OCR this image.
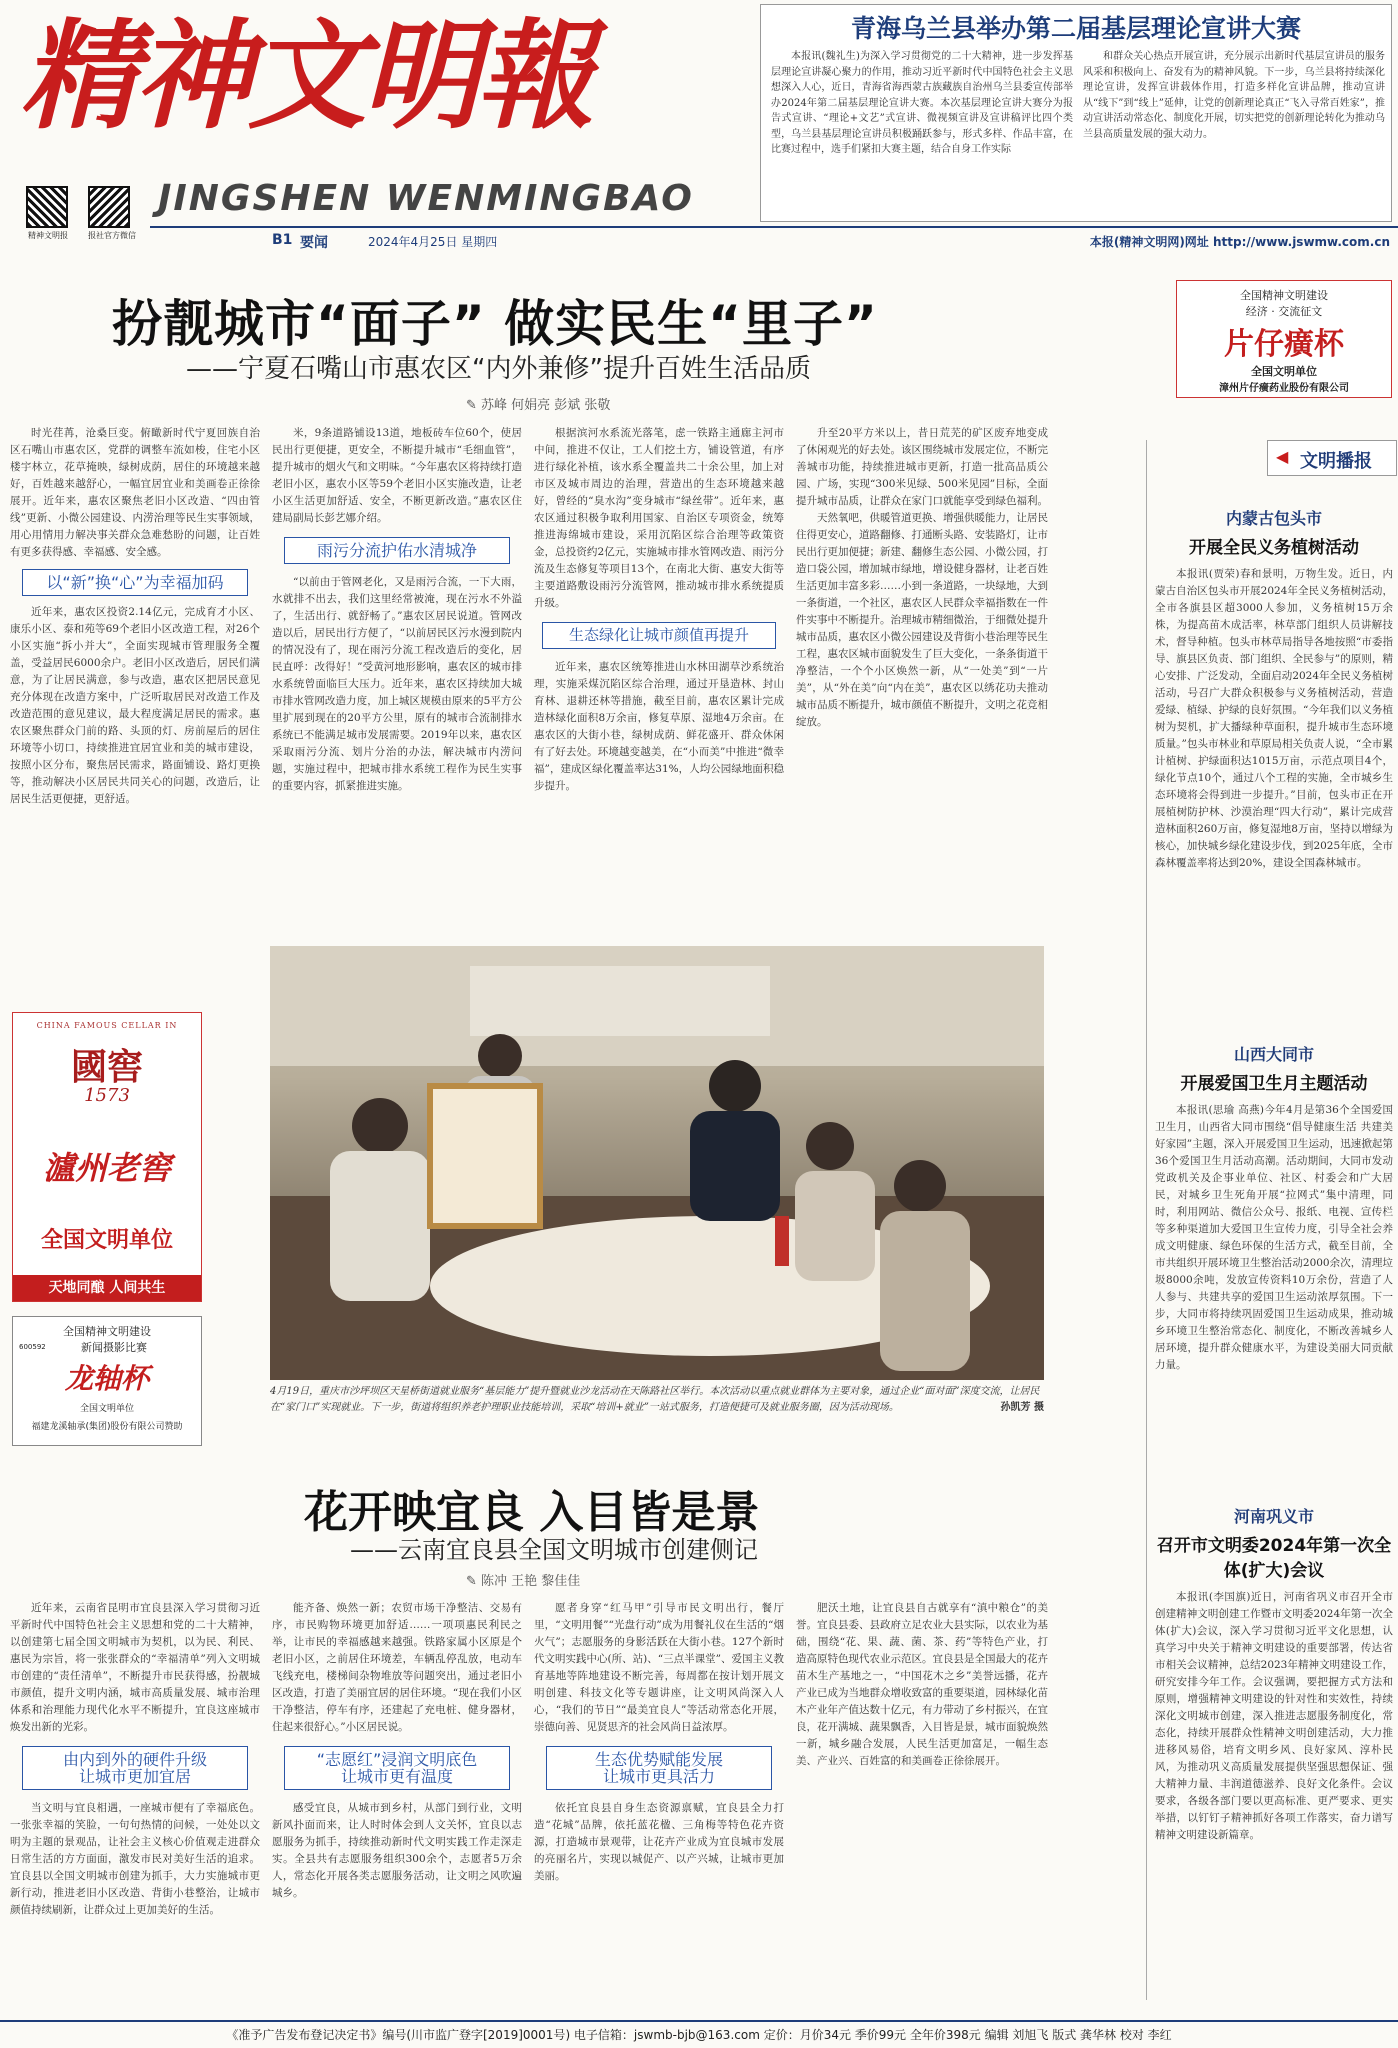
精神文明報
精神文明报	报社官方微信
JINGSHEN WENMINGBAO
B1 要闻	2024年4月25日 星期四	本报(精神文明网)网址 http://www.jswmw.com.cn
青海乌兰县举办第二届基层理论宣讲大赛

本报讯(魏礼生)为深入学习贯彻党的二十大精神，进一步发挥基层理论宣讲凝心聚力的作用，推动习近平新时代中国特色社会主义思想深入人心，近日，青海省海西蒙古族藏族自治州乌兰县委宣传部举办2024年第二届基层理论宣讲大赛。本次基层理论宣讲大赛分为报告式宣讲、“理论+文艺”式宣讲、微视频宣讲及宣讲稿评比四个类型，乌兰县基层理论宣讲员积极踊跃参与，形式多样、作品丰富，在比赛过程中，选手们紧扣大赛主题，结合自身工作实际

和群众关心热点开展宣讲，充分展示出新时代基层宣讲员的服务风采和积极向上、奋发有为的精神风貌。下一步，乌兰县将持续深化理论宣讲，发挥宣讲载体作用，打造多样化宣讲品牌，推动宣讲从“线下”到“线上”延伸，让党的创新理论真正“飞入寻常百姓家”，推动宣讲活动常态化、制度化开展，切实把党的创新理论转化为推动乌兰县高质量发展的强大动力。

扮靓城市“面子” 做实民生“里子”
——宁夏石嘴山市惠农区“内外兼修”提升百姓生活品质
✎ 苏峰 何娟亮 彭斌 张敬

时光荏苒，沧桑巨变。俯瞰新时代宁夏回族自治区石嘴山市惠农区，党群的调整车流如梭，住宅小区楼宇林立，花草掩映，绿树成荫，居住的环境越来越好，百姓越来越舒心，一幅宜居宜业和美画卷正徐徐展开。近年来，惠农区聚焦老旧小区改造、“四由管线”更新、小微公园建设、内涝治理等民生实事领域，用心用情用力解决事关群众急难愁盼的问题，让百姓有更多获得感、幸福感、安全感。

以“新”换“心”为幸福加码

近年来，惠农区投资2.14亿元，完成育才小区、康乐小区、泰和苑等69个老旧小区改造工程，对26个小区实施“拆小并大”，全面实现城市管理服务全覆盖，受益居民6000余户。老旧小区改造后，居民们满意，为了让居民满意，参与改造，惠农区把居民意见充分体现在改造方案中，广泛听取居民对改造工作及改造范围的意见建议，最大程度满足居民的需求。惠农区聚焦群众门前的路、头顶的灯、房前屋后的居住环境等小切口，持续推进宜居宜业和美的城市建设，按照小区分布，聚焦居民需求，路面铺设、路灯更换等，推动解决小区居民共同关心的问题，改造后，让居民生活更便捷，更舒适。

米，9条道路铺设13道，地板砖车位60个，使居民出行更便捷，更安全，不断提升城市“毛细血管”，提升城市的烟火气和文明味。“今年惠农区将持续打造老旧小区，惠农小区等59个老旧小区实施改造，让老小区生活更加舒适、安全，不断更新改造。”惠农区住建局副局长彭艺娜介绍。

雨污分流护佑水清城净

“以前由于管网老化，又是雨污合流，一下大雨，水就排不出去，我们这里经常被淹，现在污水不外溢了，生活出行、就舒畅了。”惠农区居民说道。管网改造以后，居民出行方便了，“以前居民区污水漫到院内的情况没有了，现在雨污分流工程改造后的变化，居民直呼：改得好！”受黄河地形影响，惠农区的城市排水系统曾面临巨大压力。近年来，惠农区持续加大城市排水管网改造力度，加上城区规模由原来的5平方公里扩展到现在的20平方公里，原有的城市合流制排水系统已不能满足城市发展需要。2019年以来，惠农区采取雨污分流、划片分治的办法，解决城市内涝问题，实施过程中，把城市排水系统工程作为民生实事的重要内容，抓紧推进实施。

根据滨河水系流光落笔，虑一铁路主通廊主河市中间，推进不仅让，工人们挖土方，铺设管道，有序进行绿化补植，该水系全覆盖共二十余公里，加上对市区及城市周边的治理，营造出的生态环境越来越好，曾经的“臭水沟”变身城市“绿丝带”。近年来，惠农区通过积极争取利用国家、自治区专项资金，统筹推进海绵城市建设，采用沉陷区综合治理等政策资金，总投资约2亿元，实施城市排水管网改造、雨污分流及生态修复等项目13个，在南北大街、惠安大街等主要道路敷设雨污分流管网，推动城市排水系统提质升级。

生态绿化让城市颜值再提升

近年来，惠农区统筹推进山水林田湖草沙系统治理，实施采煤沉陷区综合治理，通过开垦造林、封山育林、退耕还林等措施，截至目前，惠农区累计完成造林绿化面积8万余亩，修复草原、湿地4万余亩。在惠农区的大街小巷，绿树成荫、鲜花盛开、群众休闲有了好去处。环境越变越美，在“小而美”中推进“微幸福”，建成区绿化覆盖率达31%，人均公园绿地面积稳步提升。

升至20平方米以上，昔日荒芜的矿区废弃地变成了休闲观光的好去处。该区围绕城市发展定位，不断完善城市功能，持续推进城市更新，打造一批高品质公园、广场，实现“300米见绿、500米见园”目标，全面提升城市品质，让群众在家门口就能享受到绿色福利。

天然氧吧，供暖管道更换、增强供暖能力，让居民住得更安心，道路翻修、打通断头路、安装路灯，让市民出行更加便捷；新建、翻修生态公园、小微公园，打造口袋公园，增加城市绿地，增设健身器材，让老百姓生活更加丰富多彩……小到一条道路，一块绿地，大到一条街道，一个社区，惠农区人民群众幸福指数在一件件实事中不断提升。治理城市精细微治，于细微处提升城市品质，惠农区小微公园建设及背街小巷治理等民生工程，惠农区城市面貌发生了巨大变化，一条条街道干净整洁，一个个小区焕然一新，从“一处美”到“一片美”，从“外在美”向“内在美”，惠农区以绣花功夫推动城市品质不断提升，城市颜值不断提升，文明之花竞相绽放。

全国精神文明建设
经济 · 交流征文
片仔癀杯
全国文明单位
漳州片仔癀药业股份有限公司
◀ 文明播报
内蒙古包头市
开展全民义务植树活动

本报讯(贾荣)春和景明，万物生发。近日，内蒙古自治区包头市开展2024年全民义务植树活动，全市各旗县区超3000人参加，义务植树15万余株，为提高苗木成活率，林草部门组织人员讲解技术，督导种植。包头市林草局指导各地按照“市委指导、旗县区负责、部门组织、全民参与”的原则，精心安排、广泛发动，全面启动2024年全民义务植树活动，号召广大群众积极参与义务植树活动，营造爱绿、植绿、护绿的良好氛围。“今年我们以义务植树为契机，扩大播绿种草面积，提升城市生态环境质量。”包头市林业和草原局相关负责人说，“全市累计植树、护绿面积达1015万亩，示范点项目4个，绿化节点10个，通过八个工程的实施，全市城乡生态环境将会得到进一步提升。”目前，包头市正在开展植树防护林、沙漠治理“四大行动”，累计完成营造林面积260万亩，修复湿地8万亩，坚持以增绿为核心，加快城乡绿化建设步伐，到2025年底，全市森林覆盖率将达到20%，建设全国森林城市。

山西大同市
开展爱国卫生月主题活动

本报讯(思瑜 高燕)今年4月是第36个全国爱国卫生月，山西省大同市围绕“倡导健康生活 共建美好家园”主题，深入开展爱国卫生运动，迅速掀起第36个爱国卫生月活动高潮。活动期间，大同市发动党政机关及企事业单位、社区、村委会和广大居民，对城乡卫生死角开展“拉网式”集中清理，同时，利用网站、微信公众号、报纸、电视、宣传栏等多种渠道加大爱国卫生宣传力度，引导全社会养成文明健康、绿色环保的生活方式，截至目前，全市共组织开展环境卫生整治活动2000余次，清理垃圾8000余吨，发放宣传资料10万余份，营造了人人参与、共建共享的爱国卫生运动浓厚氛围。下一步，大同市将持续巩固爱国卫生运动成果，推动城乡环境卫生整治常态化、制度化，不断改善城乡人居环境，提升群众健康水平，为建设美丽大同贡献力量。

河南巩义市
召开市文明委2024年第一次全体(扩大)会议

本报讯(李国旗)近日，河南省巩义市召开全市创建精神文明创建工作暨市文明委2024年第一次全体(扩大)会议，深入学习贯彻习近平文化思想，认真学习中央关于精神文明建设的重要部署，传达省市相关会议精神，总结2023年精神文明建设工作，研究安排今年工作。会议强调，要把握方式方法和原则，增强精神文明建设的针对性和实效性，持续深化文明城市创建，深入推进志愿服务制度化，常态化，持续开展群众性精神文明创建活动，大力推进移风易俗，培育文明乡风、良好家风、淳朴民风，为推动巩义高质量发展提供坚强思想保证、强大精神力量、丰润道德滋养、良好文化条件。会议要求，各级各部门要以更高标准、更严要求、更实举措，以钉钉子精神抓好各项工作落实，奋力谱写精神文明建设新篇章。

CHINA FAMOUS CELLAR IN
國窖
1573
瀘州老窖
全国文明单位
天地同酿 人间共生
600592
全国精神文明建设
新闻摄影比赛
龙轴杯
全国文明单位
福建龙溪轴承(集团)股份有限公司赞助
4月19日，重庆市沙坪坝区天星桥街道就业服务“基层能力”提升暨就业沙龙活动在天陈路社区举行。本次活动以重点就业群体为主要对象，通过企业“面对面”深度交流，让居民在“家门口”实现就业。下一步，街道将组织养老护理职业技能培训，采取“培训+就业”一站式服务，打造便捷可及就业服务圈，因为活动现场。	孙凯芳 摄
花开映宜良 入目皆是景
——云南宜良县全国文明城市创建侧记
✎ 陈冲 王艳 黎佳佳

近年来，云南省昆明市宜良县深入学习贯彻习近平新时代中国特色社会主义思想和党的二十大精神，以创建第七届全国文明城市为契机，以为民、利民、惠民为宗旨，将一张张群众的“幸福清单”列入文明城市创建的“责任清单”，不断提升市民获得感，扮靓城市颜值，提升文明内涵，城市高质量发展、城市治理体系和治理能力现代化水平不断提升，宜良这座城市焕发出新的光彩。

由内到外的硬件升级
让城市更加宜居

当文明与宜良相遇，一座城市便有了幸福底色。一张张幸福的笑脸，一句句热情的问候，一处处以文明为主题的景观品，让社会主义核心价值观走进群众日常生活的方方面面，激发市民对美好生活的追求。宜良县以全国文明城市创建为抓手，大力实施城市更新行动，推进老旧小区改造、背街小巷整治，让城市颜值持续刷新，让群众过上更加美好的生活。

能齐备、焕然一新；农贸市场干净整洁、交易有序，市民购物环境更加舒适……一项项惠民利民之举，让市民的幸福感越来越强。铁路家属小区原是个老旧小区，之前居住环境差，车辆乱停乱放，电动车飞线充电，楼梯间杂物堆放等问题突出，通过老旧小区改造，打造了美丽宜居的居住环境。“现在我们小区干净整洁，停车有序，还建起了充电桩、健身器材，住起来很舒心。”小区居民说。

“志愿红”浸润文明底色
让城市更有温度

感受宜良，从城市到乡村，从部门到行业，文明新风扑面而来，让人时时体会到人文关怀，宜良以志愿服务为抓手，持续推动新时代文明实践工作走深走实。全县共有志愿服务组织300余个，志愿者5万余人，常态化开展各类志愿服务活动，让文明之风吹遍城乡。

愿者身穿“红马甲”引导市民文明出行，餐厅里，“文明用餐”“光盘行动”成为用餐礼仪在生活的“烟火气”；志愿服务的身影活跃在大街小巷。127个新时代文明实践中心(所、站)、“三点半课堂”、爱国主义教育基地等阵地建设不断完善，每周都在按计划开展文明创建、科技文化等专题讲座，让文明风尚深入人心，“我们的节日”“最美宜良人”等活动常态化开展，崇德向善、见贤思齐的社会风尚日益浓厚。

生态优势赋能发展
让城市更具活力

依托宜良县自身生态资源禀赋，宜良县全力打造“花城”品牌，依托蓝花楹、三角梅等特色花卉资源，打造城市景观带，让花卉产业成为宜良城市发展的亮丽名片，实现以城促产、以产兴城，让城市更加美丽。

肥沃土地，让宜良县自古就享有“滇中粮仓”的美誉。宜良县委、县政府立足农业大县实际，以农业为基础，围绕“花、果、蔬、菌、茶、药”等特色产业，打造高原特色现代农业示范区。宜良县是全国最大的花卉苗木生产基地之一，“中国花木之乡”美誉远播，花卉产业已成为当地群众增收致富的重要渠道，园林绿化苗木产业年产值达数十亿元，有力带动了乡村振兴，在宜良，花开满城、蔬果飘香，入目皆是景，城市面貌焕然一新，城乡融合发展，人民生活更加富足，一幅生态美、产业兴、百姓富的和美画卷正徐徐展开。

《准予广告发布登记决定书》编号(川市监广登字[2019]0001号) 电子信箱：jswmb-bjb@163.com 定价：月价34元 季价99元 全年价398元 编辑 刘旭飞 版式 龚华林 校对 李红
